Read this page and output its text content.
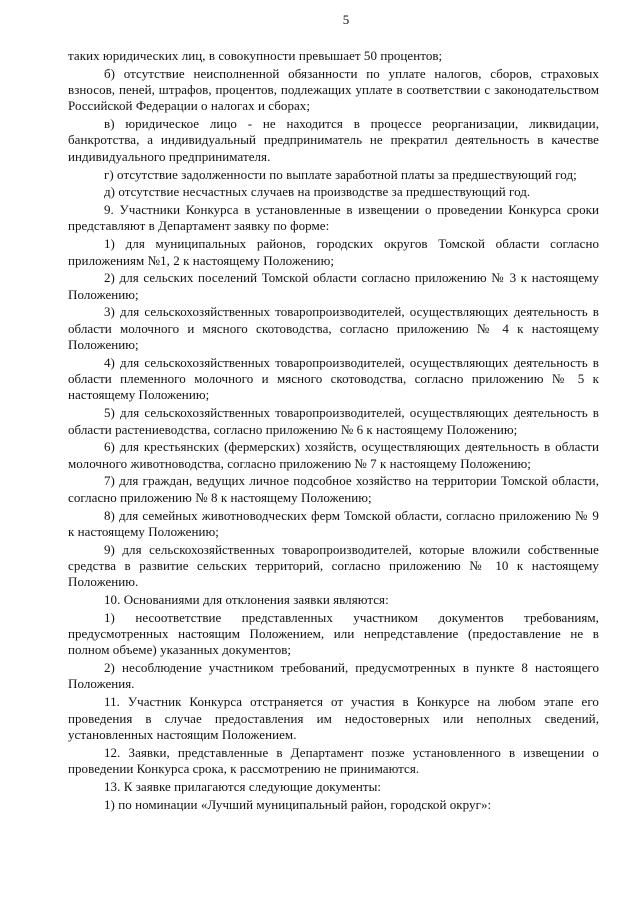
5

таких юридических лиц, в совокупности превышает 50 процентов;

б) отсутствие неисполненной обязанности по уплате налогов, сборов, страховых взносов, пеней, штрафов, процентов, подлежащих уплате в соответствии с законодательством Российской Федерации о налогах и сборах;

в) юридическое лицо - не находится в процессе реорганизации, ликвидации, банкротства, а индивидуальный предприниматель не прекратил деятельность в качестве индивидуального предпринимателя.

г) отсутствие задолженности по выплате заработной платы за предшествующий год;

д) отсутствие несчастных случаев на производстве за предшествующий год.

9. Участники Конкурса в установленные в извещении о проведении Конкурса сроки представляют в Департамент заявку по форме:

1) для муниципальных районов, городских округов Томской области согласно приложениям №1, 2 к настоящему Положению;

2) для сельских поселений Томской области согласно приложению № 3 к настоящему Положению;

3) для сельскохозяйственных товаропроизводителей, осуществляющих деятельность в области молочного и мясного скотоводства, согласно приложению № 4 к настоящему Положению;

4) для сельскохозяйственных товаропроизводителей, осуществляющих деятельность в области племенного молочного и мясного скотоводства, согласно приложению № 5 к настоящему Положению;

5) для сельскохозяйственных товаропроизводителей, осуществляющих деятельность в области растениеводства, согласно приложению № 6 к настоящему Положению;

6) для крестьянских (фермерских) хозяйств, осуществляющих деятельность в области молочного животноводства, согласно приложению № 7 к настоящему Положению;

7) для граждан, ведущих личное подсобное хозяйство на территории Томской области, согласно приложению № 8 к настоящему Положению;

8) для семейных животноводческих ферм Томской области, согласно приложению № 9 к настоящему Положению;

9) для сельскохозяйственных товаропроизводителей, которые вложили собственные средства в развитие сельских территорий, согласно приложению № 10 к настоящему Положению.

10. Основаниями для отклонения заявки являются:

1) несоответствие представленных участником документов требованиям, предусмотренных настоящим Положением, или непредставление (предоставление не в полном объеме) указанных документов;

2) несоблюдение участником требований, предусмотренных в пункте 8 настоящего Положения.

11. Участник Конкурса отстраняется от участия в Конкурсе на любом этапе его проведения в случае предоставления им недостоверных или неполных сведений, установленных настоящим Положением.

12. Заявки, представленные в Департамент позже установленного в извещении о проведении Конкурса срока, к рассмотрению не принимаются.

13. К заявке прилагаются следующие документы:

1) по номинации «Лучший муниципальный район, городской округ»:
